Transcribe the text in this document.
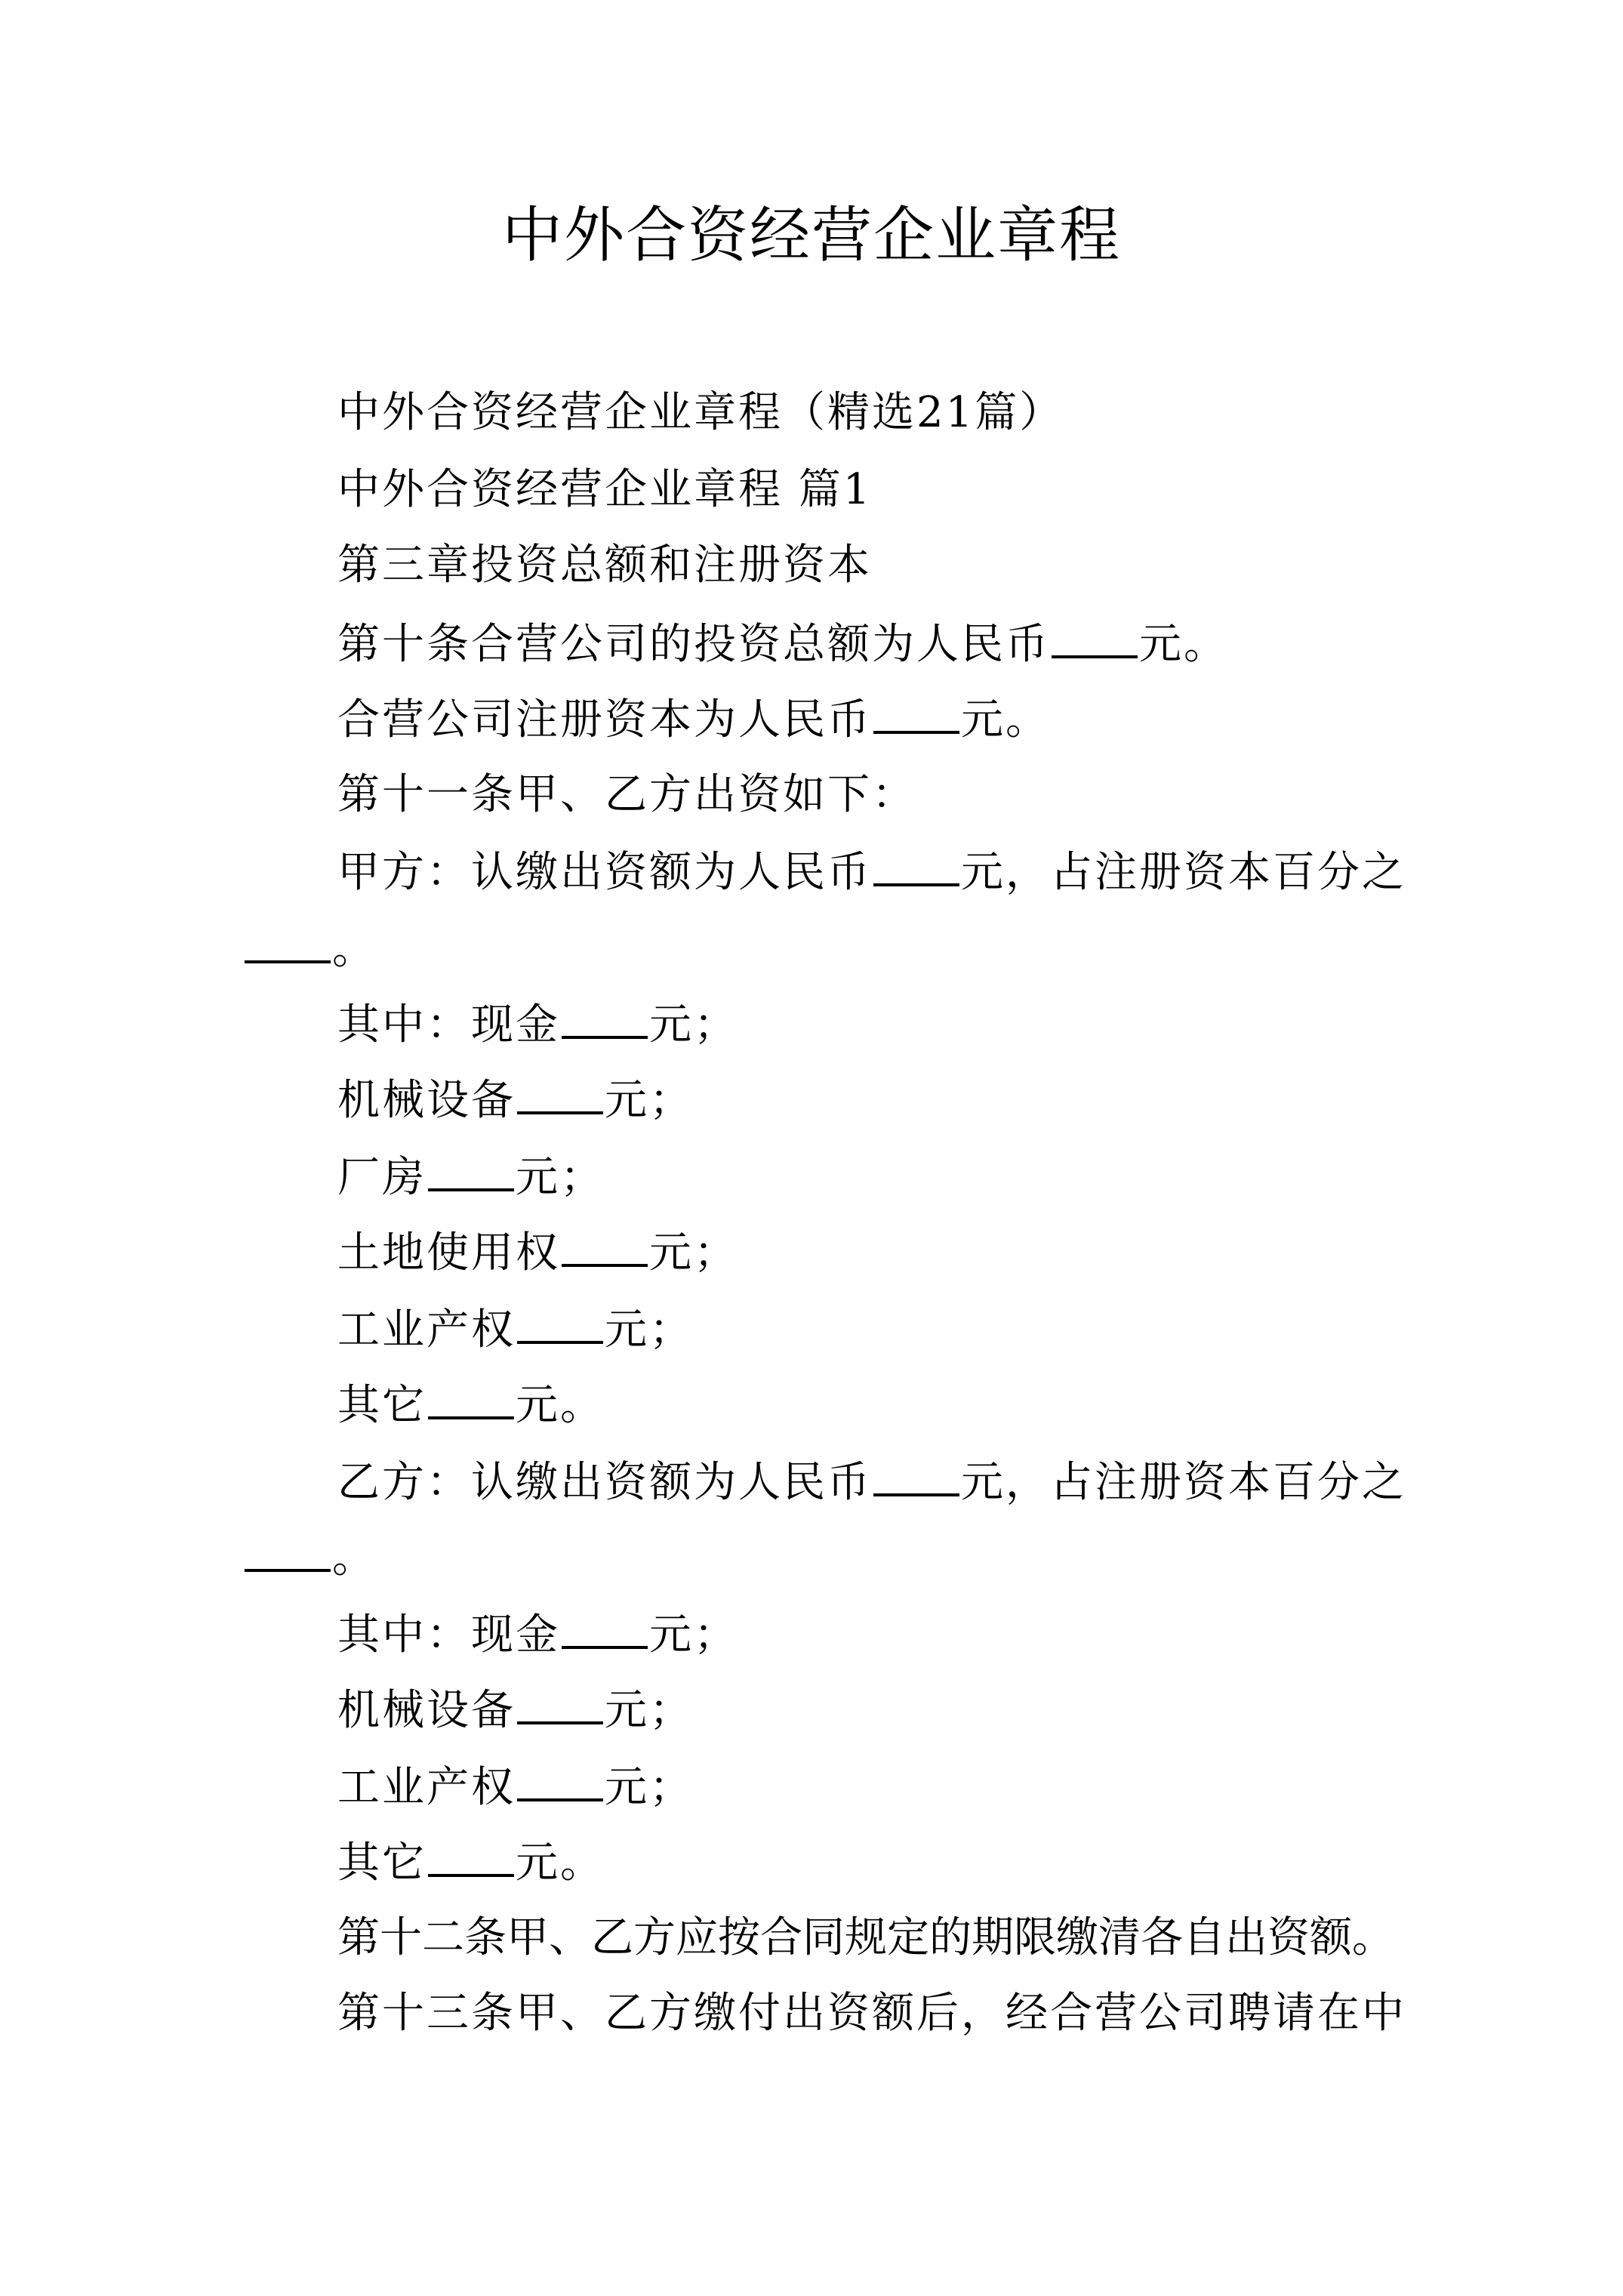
中外合资经营企业章程
中外合资经营企业章程（精选21篇）
中外合资经营企业章程 篇1
第三章投资总额和注册资本
第十条合营公司的投资总额为人民币 元。
合营公司注册资本为人民币 元。
第十一条甲、乙方出资如下：
甲方：认缴出资额为人民币 元，占注册资本百分之
。
其中：现金 元；
机械设备 元；
厂房 元；
土地使用权 元；
工业产权 元；
其它 元。
乙方：认缴出资额为人民币 元，占注册资本百分之
。
其中：现金 元；
机械设备 元；
工业产权 元；
其它 元。
第十二条甲、乙方应按合同规定的期限缴清各自出资额。
第十三条甲、乙方缴付出资额后，经合营公司聘请在中
